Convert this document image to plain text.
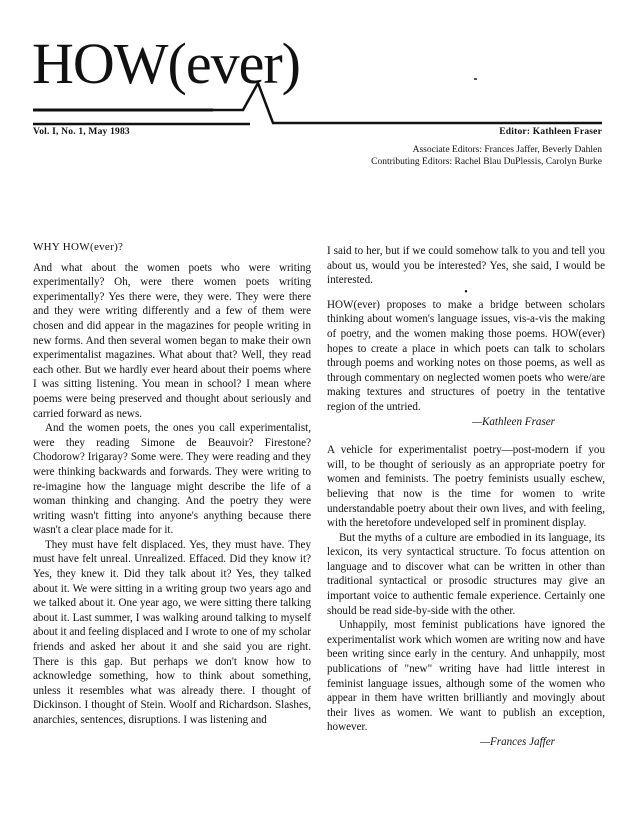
HOW(ever)
Vol. I, No. 1, May 1983	Editor: Kathleen Fraser
Associate Editors: Frances Jaffer, Beverly Dahlen
Contributing Editors: Rachel Blau DuPlessis, Carolyn Burke
WHY HOW(ever)?

And what about the women poets who were writing experimentally? Oh, were there women poets writing experimentally? Yes there were, they were. They were there and they were writing differently and a few of them were chosen and did appear in the magazines for people writing in new forms. And then several women began to make their own experimentalist magazines. What about that? Well, they read each other. But we hardly ever heard about their poems where I was sitting listening. You mean in school? I mean where poems were being preserved and thought about seriously and carried forward as news.

And the women poets, the ones you call experimentalist, were they reading Simone de Beauvoir? Firestone? Chodorow? Irigaray? Some were. They were reading and they were thinking backwards and forwards. They were writing to re-imagine how the language might describe the life of a woman thinking and changing. And the poetry they were writing wasn't fitting into anyone's anything because there wasn't a clear place made for it.

They must have felt displaced. Yes, they must have. They must have felt unreal. Unrealized. Effaced. Did they know it? Yes, they knew it. Did they talk about it? Yes, they talked about it. We were sitting in a writing group two years ago and we talked about it. One year ago, we were sitting there talking about it. Last summer, I was walking around talking to myself about it and feeling displaced and I wrote to one of my scholar friends and asked her about it and she said you are right. There is this gap. But perhaps we don't know how to acknowledge something, how to think about something, unless it resembles what was already there. I thought of Dickinson. I thought of Stein. Woolf and Richardson. Slashes, anarchies, sentences, disruptions. I was listening and

I said to her, but if we could somehow talk to you and tell you about us, would you be interested? Yes, she said, I would be interested.

•

HOW(ever) proposes to make a bridge between scholars thinking about women's language issues, vis-a-vis the making of poetry, and the women making those poems. HOW(ever) hopes to create a place in which poets can talk to scholars through poems and working notes on those poems, as well as through commentary on neglected women poets who were/are making textures and structures of poetry in the tentative region of the untried.

—Kathleen Fraser

A vehicle for experimentalist poetry—post-modern if you will, to be thought of seriously as an appropriate poetry for women and feminists. The poetry feminists usually eschew, believing that now is the time for women to write understandable poetry about their own lives, and with feeling, with the heretofore undeveloped self in prominent display.

But the myths of a culture are embodied in its language, its lexicon, its very syntactical structure. To focus attention on language and to discover what can be written in other than traditional syntactical or prosodic structures may give an important voice to authentic female experience. Certainly one should be read side-by-side with the other.

Unhappily, most feminist publications have ignored the experimentalist work which women are writing now and have been writing since early in the century. And unhappily, most publications of "new" writing have had little interest in feminist language issues, although some of the women who appear in them have written brilliantly and movingly about their lives as women. We want to publish an exception, however.

—Frances Jaffer
